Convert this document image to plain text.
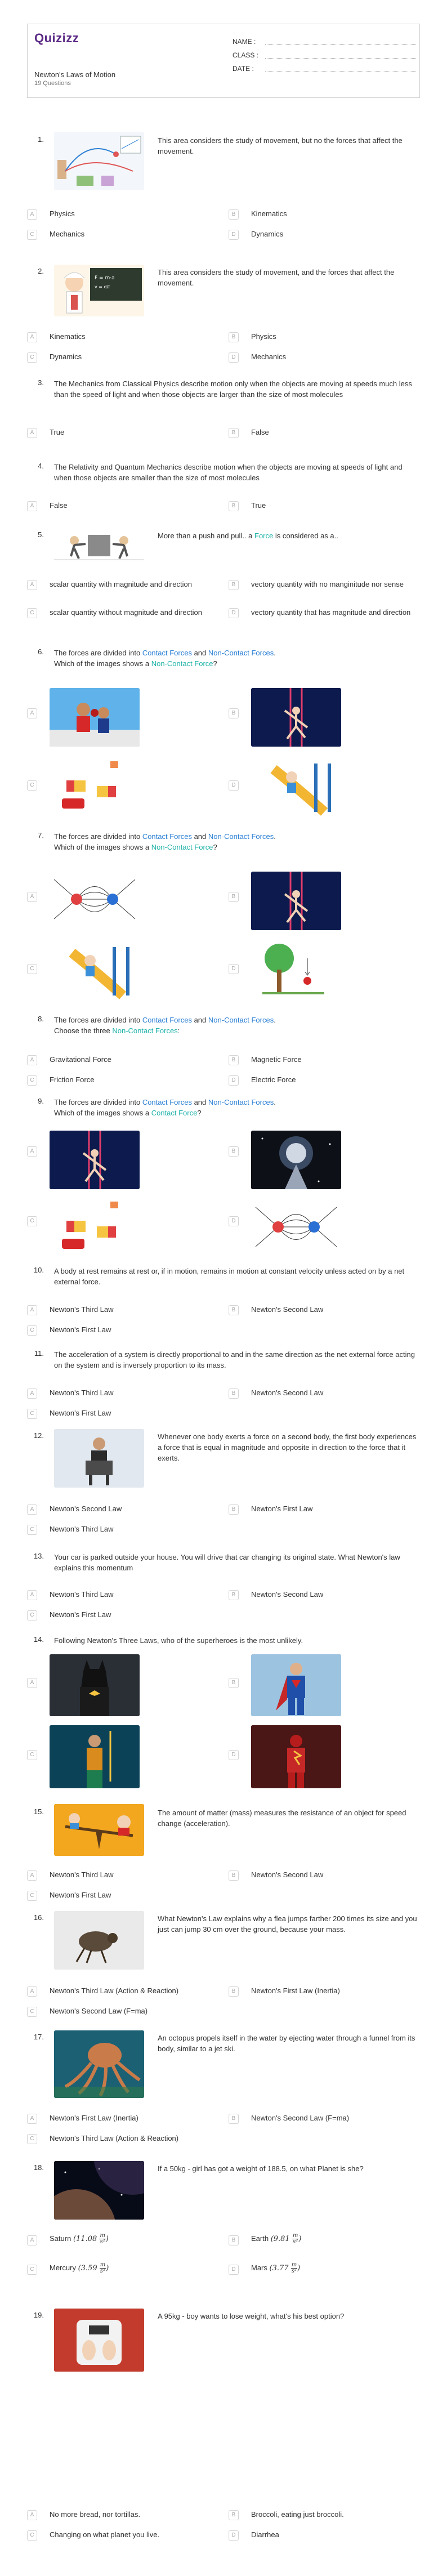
Quizizz
Newton's Laws of Motion
19 Questions
NAME :
CLASS :
DATE :
1.	This area considers the study of movement, but no the forces that affect the movement.
A	Physics	B	Kinematics
C	Mechanics	D	Dynamics
2.
F = m·a
v = d/t
This area considers the study of movement, and the forces that affect the movement.
A	Kinematics	B	Physics
C	Dynamics	D	Mechanics
3. The Mechanics from Classical Physics describe motion only when the objects are moving at speeds much less than the speed of light and when those objects are larger than the size of most molecules
A	True	B	False
4. The Relativity and Quantum Mechanics describe motion when the objects are moving at speeds of light and when those objects are smaller than the size of most molecules
A	False	B	True
5.	More than a push and pull.. a Force is considered as a..
A	scalar quantity with magnitude and direction	B	vectory quantity with no manginitude nor sense
C	scalar quantity without magnitude and direction	D	vectory quantity that has magnitude and direction
6. The forces are divided into Contact Forces and Non-Contact Forces.
Which of the images shows a Non-Contact Force?
A	B
C	D
7. The forces are divided into Contact Forces and Non-Contact Forces.
Which of the images shows a Non-Contact Force?
A	B
C	D
8. The forces are divided into Contact Forces and Non-Contact Forces.
Choose the three Non-Contact Forces:
A	Gravitational Force	B	Magnetic Force
C	Friction Force	D	Electric Force
9. The forces are divided into Contact Forces and Non-Contact Forces.
Which of the images shows a Contact Force?
A	B
C	D
10. A body at rest remains at rest or, if in motion, remains in motion at constant velocity unless acted on by a net external force.
A	Newton's Third Law	B	Newton's Second Law
C	Newton's First Law
11. The acceleration of a system is directly proportional to and in the same direction as the net external force acting on the system and is inversely proportion to its mass.
A	Newton's Third Law	B	Newton's Second Law
C	Newton's First Law
12.	Whenever one body exerts a force on a second body, the first body experiences a force that is equal in magnitude and opposite in direction to the force that it exerts.
A	Newton's Second Law	B	Newton's First Law
C	Newton's Third Law
13. Your car is parked outside your house. You will drive that car changing its original state. What Newton's law explains this momentum
A	Newton's Third Law	B	Newton's Second Law
C	Newton's First Law
14. Following Newton's Three Laws, who of the superheroes is the most unlikely.
A	B
C	D
15.	The amount of matter (mass) measures the resistance of an object for speed change (acceleration).
A	Newton's Third Law	B	Newton's Second Law
C	Newton's First Law
16.	What Newton's Law explains why a flea jumps farther 200 times its size and you just can jump 30 cm over the ground, because your mass.
A	Newton's Third Law (Action & Reaction)	B	Newton's First Law (Inertia)
C	Newton's Second Law (F=ma)
17.	An octopus propels itself in the water by ejecting water through a funnel from its body, similar to a jet ski.
A	Newton's First Law (Inertia)	B	Newton's Second Law (F=ma)
C	Newton's Third Law (Action & Reaction)
18.	If a 50kg - girl has got a weight of 188.5, on what Planet is she?
A	Saturn ($11.08 \frac{m}{\text{s²}}$ )	B	Earth ($9.81 \frac{m}{\text{s²}}$ )
C	Mercury ($3.59 \frac{m}{\text{s²}}$ )	D	Mars ($3.77 \frac{m}{\text{s²}}$ )
19.	A 95kg - boy wants to lose weight, what's his best option?
A	No more bread, nor tortillas.	B	Broccoli, eating just broccoli.
C	Changing on what planet you live.	D	Diarrhea
